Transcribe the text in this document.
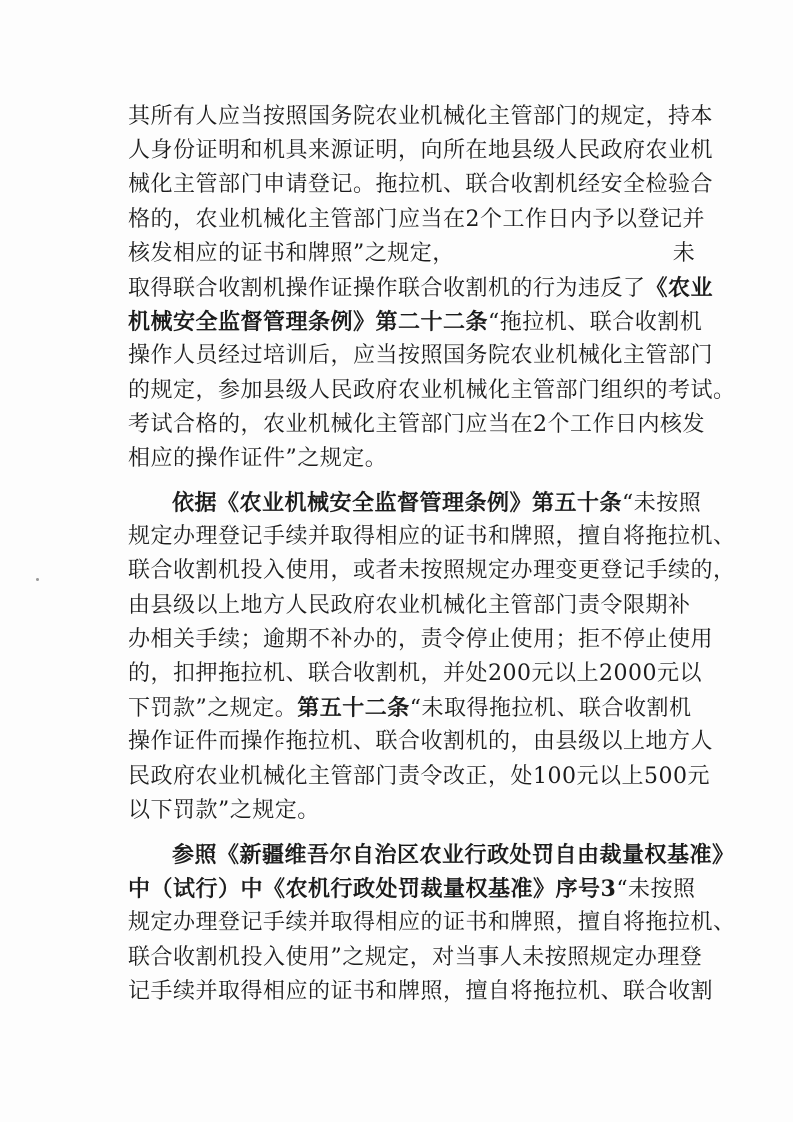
其所有人应当按照国务院农业机械化主管部门的规定，持本
人身份证明和机具来源证明，向所在地县级人民政府农业机
械化主管部门申请登记。拖拉机、联合收割机经安全检验合
格的，农业机械化主管部门应当在2个工作日内予以登记并
核发相应的证书和牌照”之规定，	未
取得联合收割机操作证操作联合收割机的行为违反了《农业
机械安全监督管理条例》第二十二条“拖拉机、联合收割机
操作人员经过培训后，应当按照国务院农业机械化主管部门
的规定，参加县级人民政府农业机械化主管部门组织的考试。
考试合格的，农业机械化主管部门应当在2个工作日内核发
相应的操作证件”之规定。
依据《农业机械安全监督管理条例》第五十条“未按照
规定办理登记手续并取得相应的证书和牌照，擅自将拖拉机、
联合收割机投入使用，或者未按照规定办理变更登记手续的，
由县级以上地方人民政府农业机械化主管部门责令限期补
办相关手续；逾期不补办的，责令停止使用；拒不停止使用
的，扣押拖拉机、联合收割机，并处200元以上2000元以
下罚款”之规定。第五十二条“未取得拖拉机、联合收割机
操作证件而操作拖拉机、联合收割机的，由县级以上地方人
民政府农业机械化主管部门责令改正，处100元以上500元
以下罚款”之规定。
参照《新疆维吾尔自治区农业行政处罚自由裁量权基准》
中（试行）中《农机行政处罚裁量权基准》序号3“未按照
规定办理登记手续并取得相应的证书和牌照，擅自将拖拉机、
联合收割机投入使用”之规定，对当事人未按照规定办理登
记手续并取得相应的证书和牌照，擅自将拖拉机、联合收割
